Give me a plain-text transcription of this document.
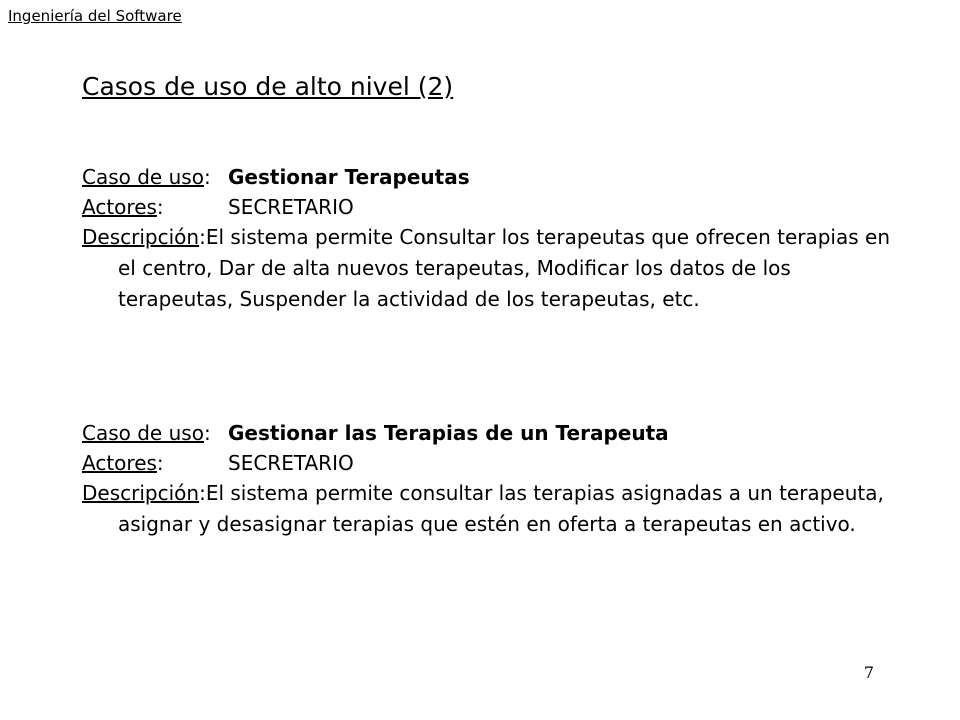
Ingeniería del Software
Casos de uso de alto nivel (2)
Caso de uso: Gestionar Terapeutas
Actores:	SECRETARIO
Descripción:El sistema permite Consultar los terapeutas que ofrecen terapias en el centro, Dar de alta nuevos terapeutas, Modificar los datos de los terapeutas, Suspender la actividad de los terapeutas, etc.
Caso de uso: Gestionar las Terapias de un Terapeuta
Actores:	SECRETARIO
Descripción:El sistema permite consultar las terapias asignadas a un terapeuta, asignar y desasignar terapias que estén en oferta a terapeutas en activo.
7
